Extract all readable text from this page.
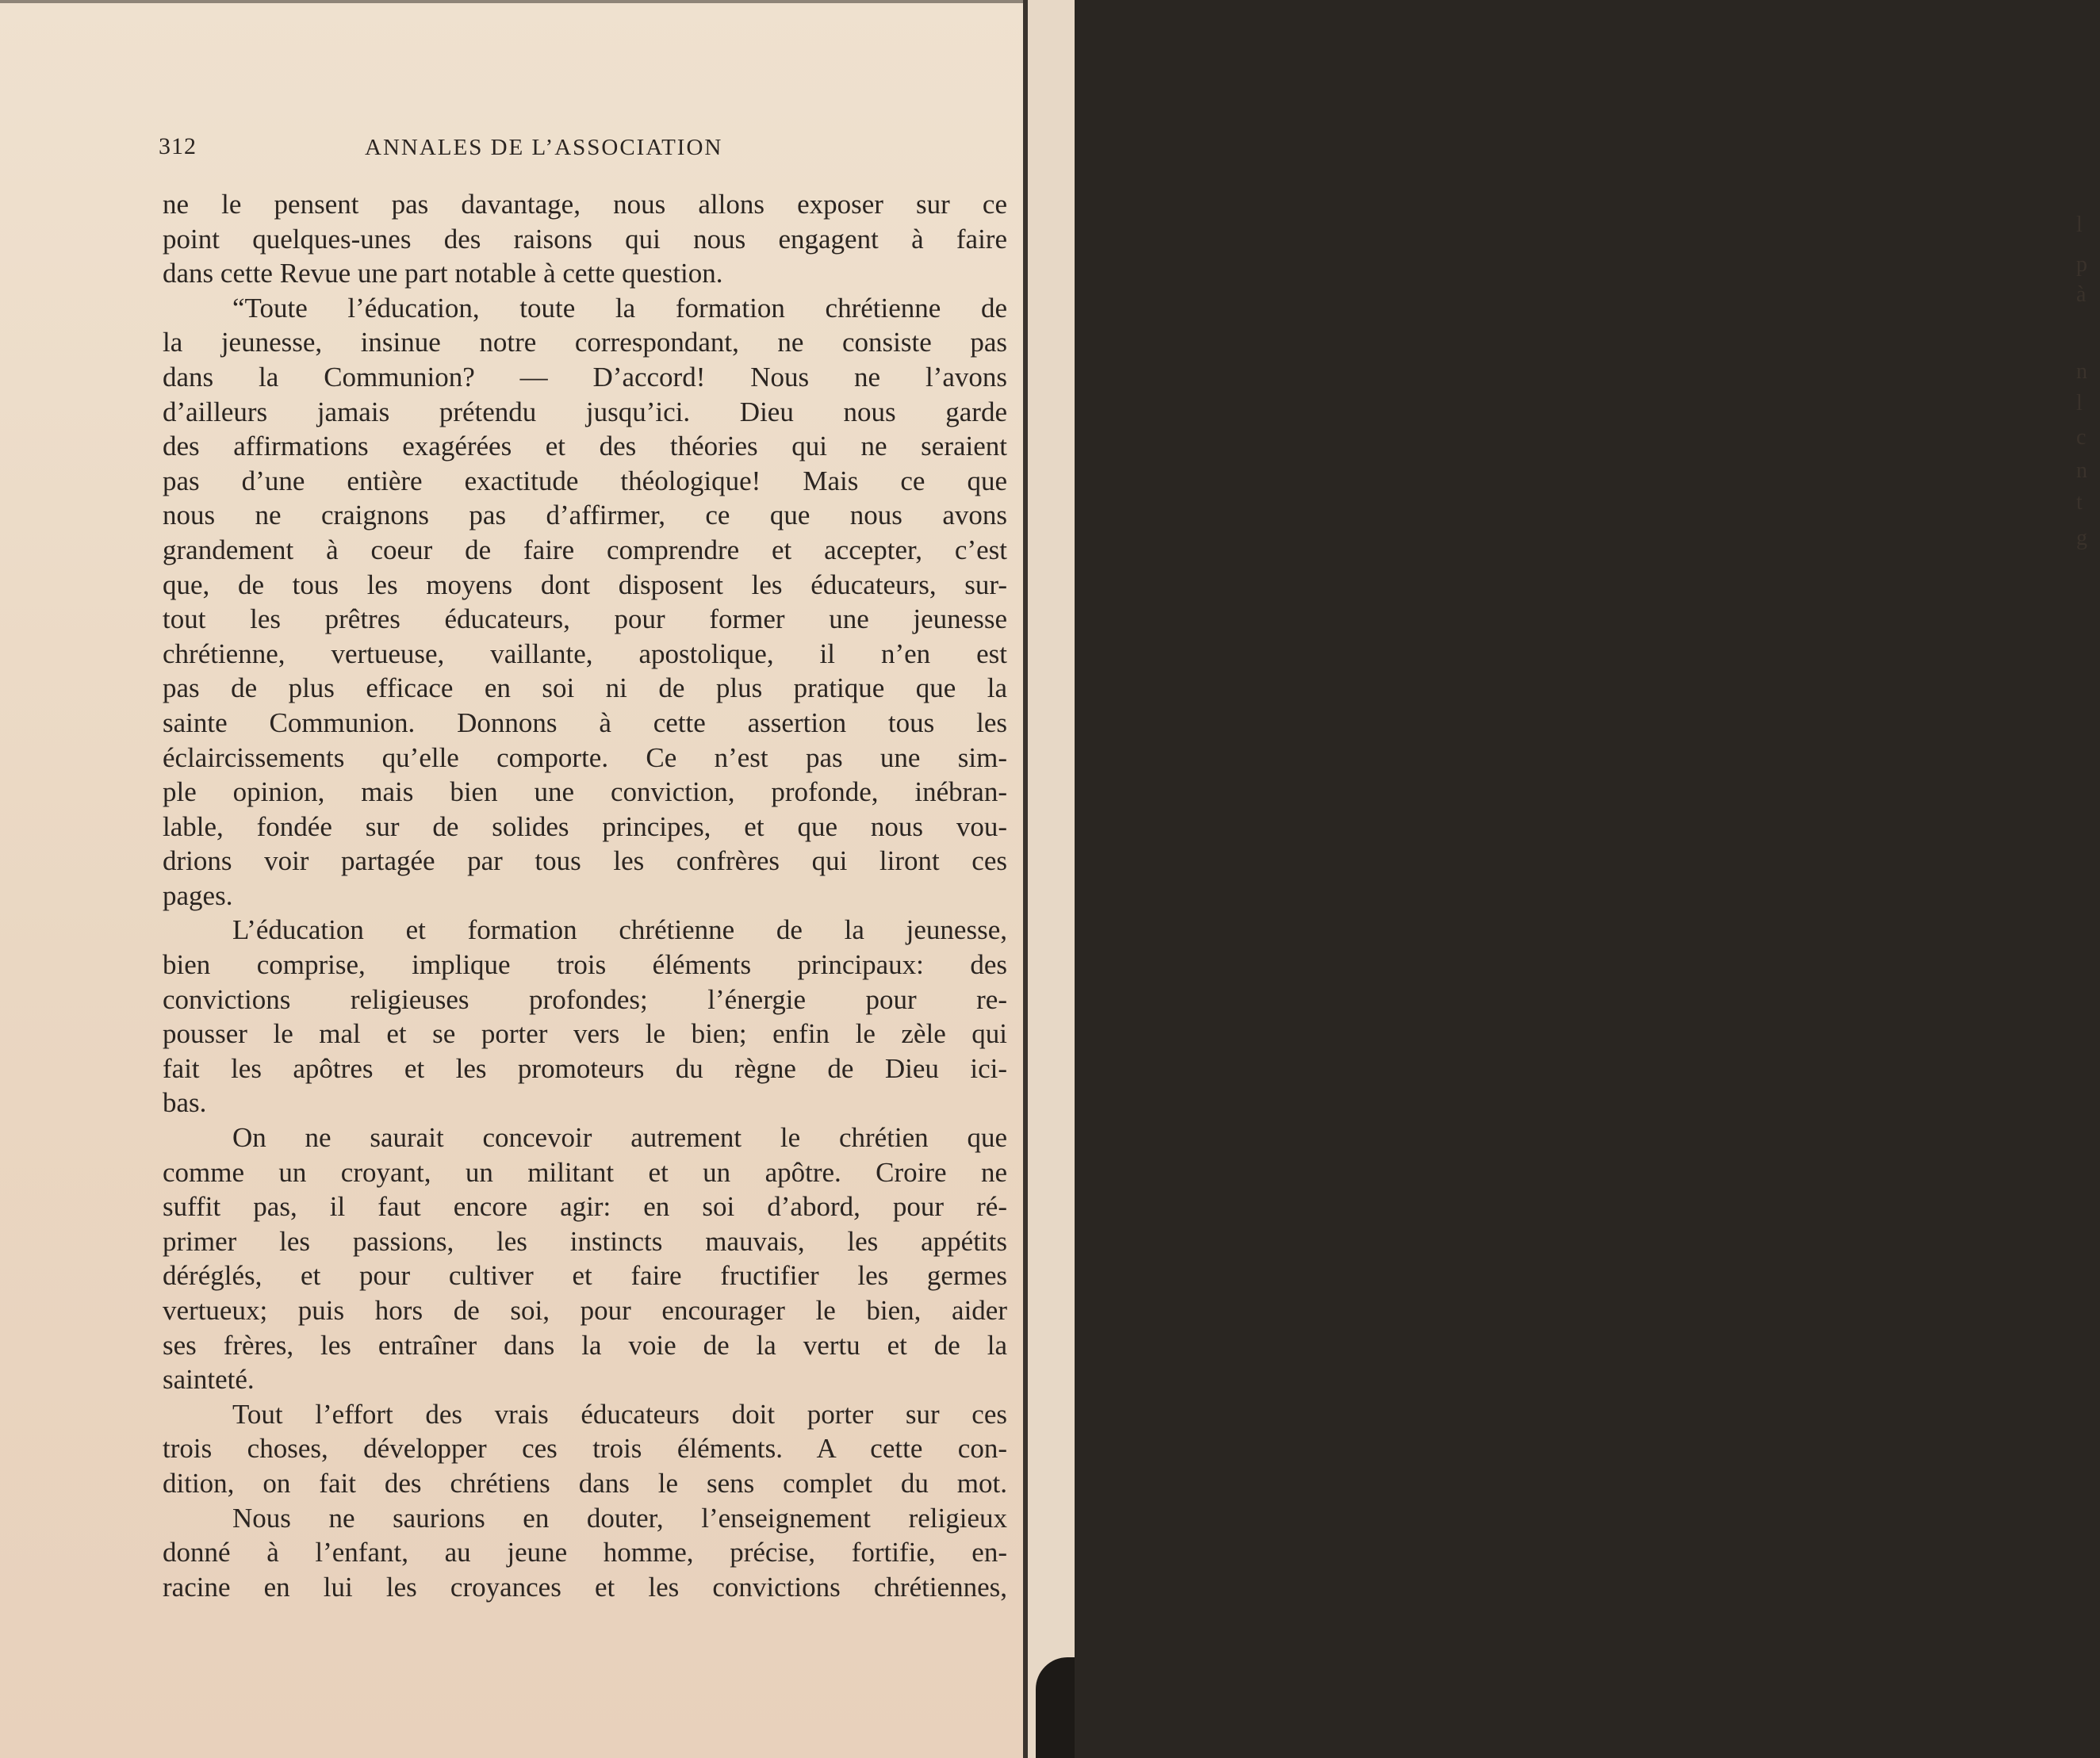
312	ANNALES DE L’ASSOCIATION
ne le pensent pas davantage, nous allons exposer sur ce
point quelques-unes des raisons qui nous engagent à faire
dans cette Revue une part notable à cette question.
“Toute l’éducation, toute la formation chrétienne de
la jeunesse, insinue notre correspondant, ne consiste pas
dans la Communion? — D’accord! Nous ne l’avons
d’ailleurs jamais prétendu jusqu’ici. Dieu nous garde
des affirmations exagérées et des théories qui ne seraient
pas d’une entière exactitude théologique! Mais ce que
nous ne craignons pas d’affirmer, ce que nous avons
grandement à coeur de faire comprendre et accepter, c’est
que, de tous les moyens dont disposent les éducateurs, sur-
tout les prêtres éducateurs, pour former une jeunesse
chrétienne, vertueuse, vaillante, apostolique, il n’en est
pas de plus efficace en soi ni de plus pratique que la
sainte Communion. Donnons à cette assertion tous les
éclaircissements qu’elle comporte. Ce n’est pas une sim-
ple opinion, mais bien une conviction, profonde, inébran-
lable, fondée sur de solides principes, et que nous vou-
drions voir partagée par tous les confrères qui liront ces
pages.
L’éducation et formation chrétienne de la jeunesse,
bien comprise, implique trois éléments principaux: des
convictions religieuses profondes; l’énergie pour re-
pousser le mal et se porter vers le bien; enfin le zèle qui
fait les apôtres et les promoteurs du règne de Dieu ici-
bas.
On ne saurait concevoir autrement le chrétien que
comme un croyant, un militant et un apôtre. Croire ne
suffit pas, il faut encore agir: en soi d’abord, pour ré-
primer les passions, les instincts mauvais, les appétits
déréglés, et pour cultiver et faire fructifier les germes
vertueux; puis hors de soi, pour encourager le bien, aider
ses frères, les entraîner dans la voie de la vertu et de la
sainteté.
Tout l’effort des vrais éducateurs doit porter sur ces
trois choses, développer ces trois éléments. A cette con-
dition, on fait des chrétiens dans le sens complet du mot.
Nous ne saurions en douter, l’enseignement religieux
donné à l’enfant, au jeune homme, précise, fortifie, en-
racine en lui les croyances et les convictions chrétiennes,
l
p
à
n
l
c
n
t
g
